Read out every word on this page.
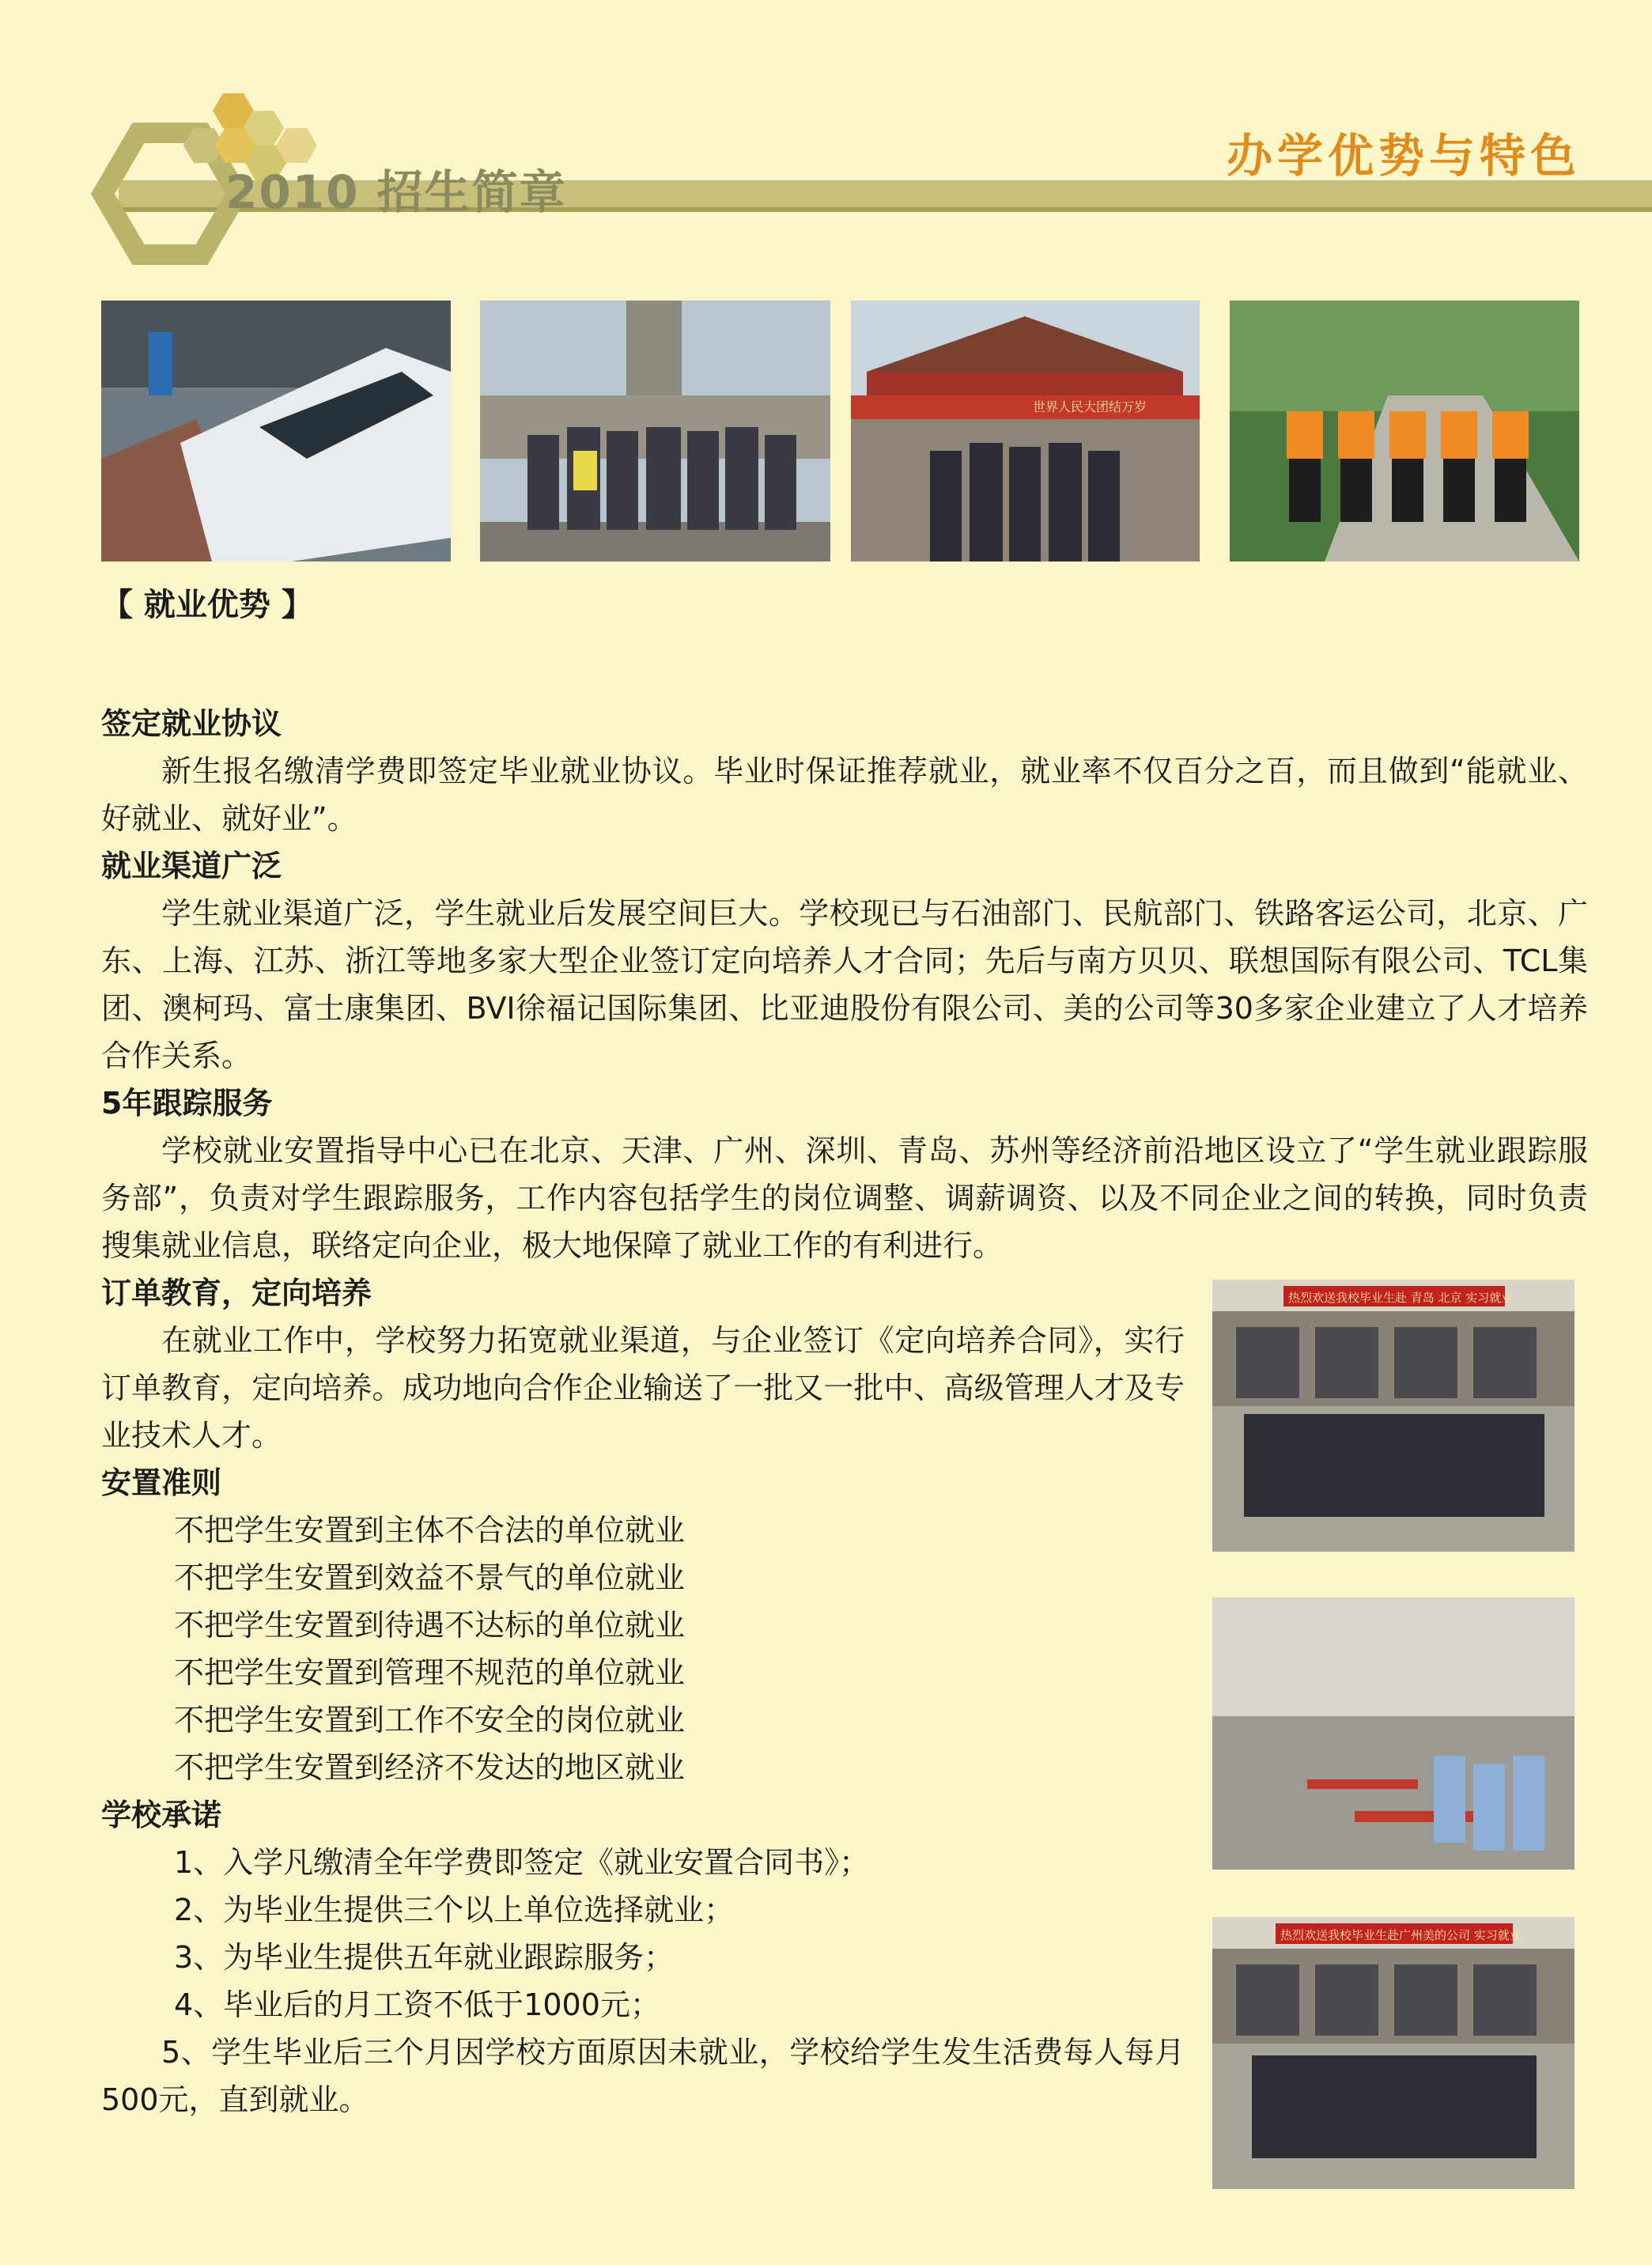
2010 招生简章
办学优势与特色
世界人民大团结万岁
热烈欢送我校毕业生赴 青岛 北京 实习就业
热烈欢送我校毕业生赴广州美的公司 实习就业
【 就业优势 】
签定就业协议
新生报名缴清学费即签定毕业就业协议。毕业时保证推荐就业，就业率不仅百分之百，而且做到“能就业、好就业、就好业”。
就业渠道广泛
学生就业渠道广泛，学生就业后发展空间巨大。学校现已与石油部门、民航部门、铁路客运公司，北京、广东、上海、江苏、浙江等地多家大型企业签订定向培养人才合同；先后与南方贝贝、联想国际有限公司、TCL集团、澳柯玛、富士康集团、BVI徐福记国际集团、比亚迪股份有限公司、美的公司等30多家企业建立了人才培养合作关系。
5年跟踪服务
学校就业安置指导中心已在北京、天津、广州、深圳、青岛、苏州等经济前沿地区设立了“学生就业跟踪服务部”，负责对学生跟踪服务，工作内容包括学生的岗位调整、调薪调资、以及不同企业之间的转换，同时负责搜集就业信息，联络定向企业，极大地保障了就业工作的有利进行。
订单教育，定向培养
在就业工作中，学校努力拓宽就业渠道，与企业签订《定向培养合同》，实行订单教育，定向培养。成功地向合作企业输送了一批又一批中、高级管理人才及专业技术人才。
安置准则
不把学生安置到主体不合法的单位就业
不把学生安置到效益不景气的单位就业
不把学生安置到待遇不达标的单位就业
不把学生安置到管理不规范的单位就业
不把学生安置到工作不安全的岗位就业
不把学生安置到经济不发达的地区就业
学校承诺
1、入学凡缴清全年学费即签定《就业安置合同书》；
2、为毕业生提供三个以上单位选择就业；
3、为毕业生提供五年就业跟踪服务；
4、毕业后的月工资不低于1000元；
5、学生毕业后三个月因学校方面原因未就业，学校给学生发生活费每人每月500元，直到就业。
